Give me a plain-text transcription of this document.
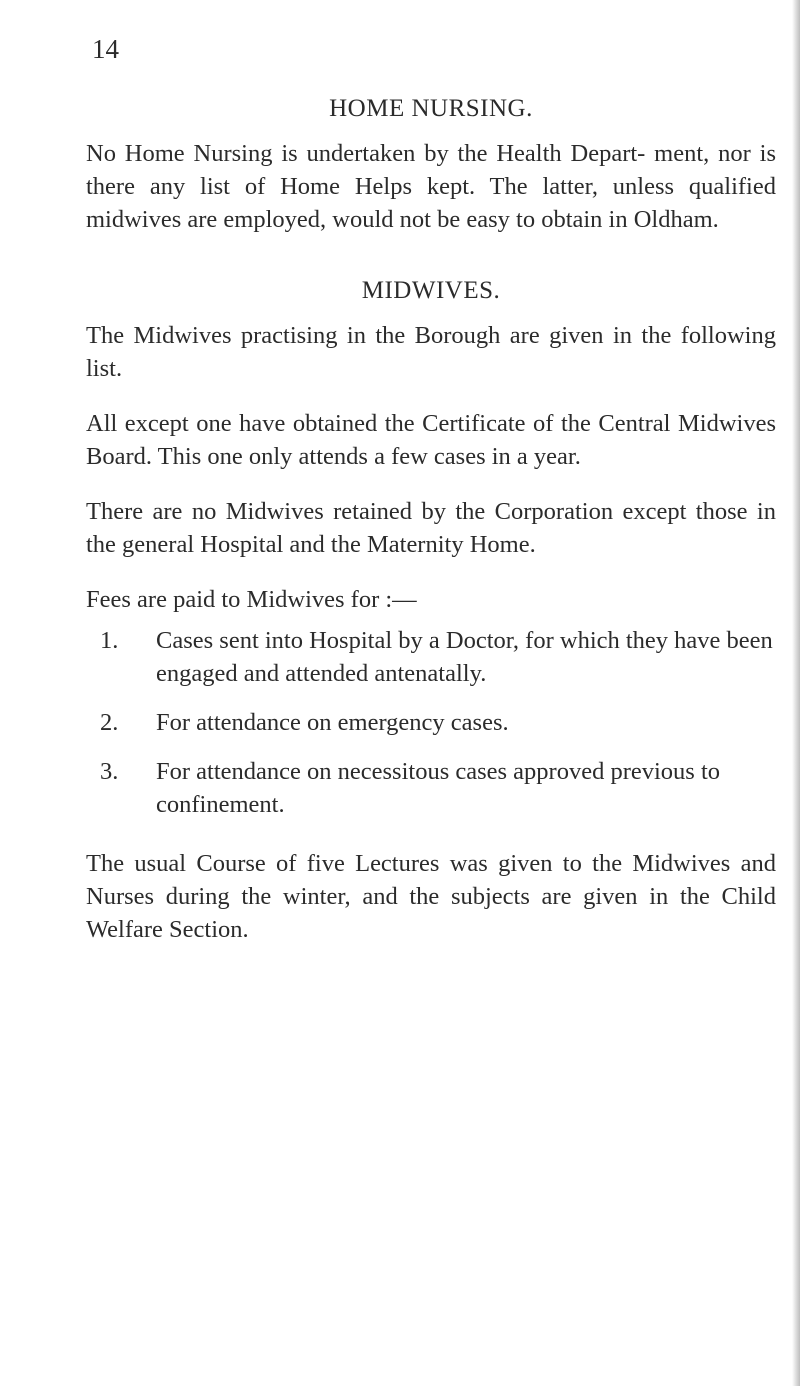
14
HOME NURSING.

No Home Nursing is undertaken by the Health Depart- ment, nor is there any list of Home Helps kept. The latter, unless qualified midwives are employed, would not be easy to obtain in Oldham.

MIDWIVES.

The Midwives practising in the Borough are given in the following list.

All except one have obtained the Certificate of the Central Midwives Board. This one only attends a few cases in a year.

There are no Midwives retained by the Corporation except those in the general Hospital and the Maternity Home.

Fees are paid to Midwives for :—

1. Cases sent into Hospital by a Doctor, for which they have been engaged and attended antenatally.
2. For attendance on emergency cases.
3. For attendance on necessitous cases approved previous to confinement.

The usual Course of five Lectures was given to the Midwives and Nurses during the winter, and the subjects are given in the Child Welfare Section.
